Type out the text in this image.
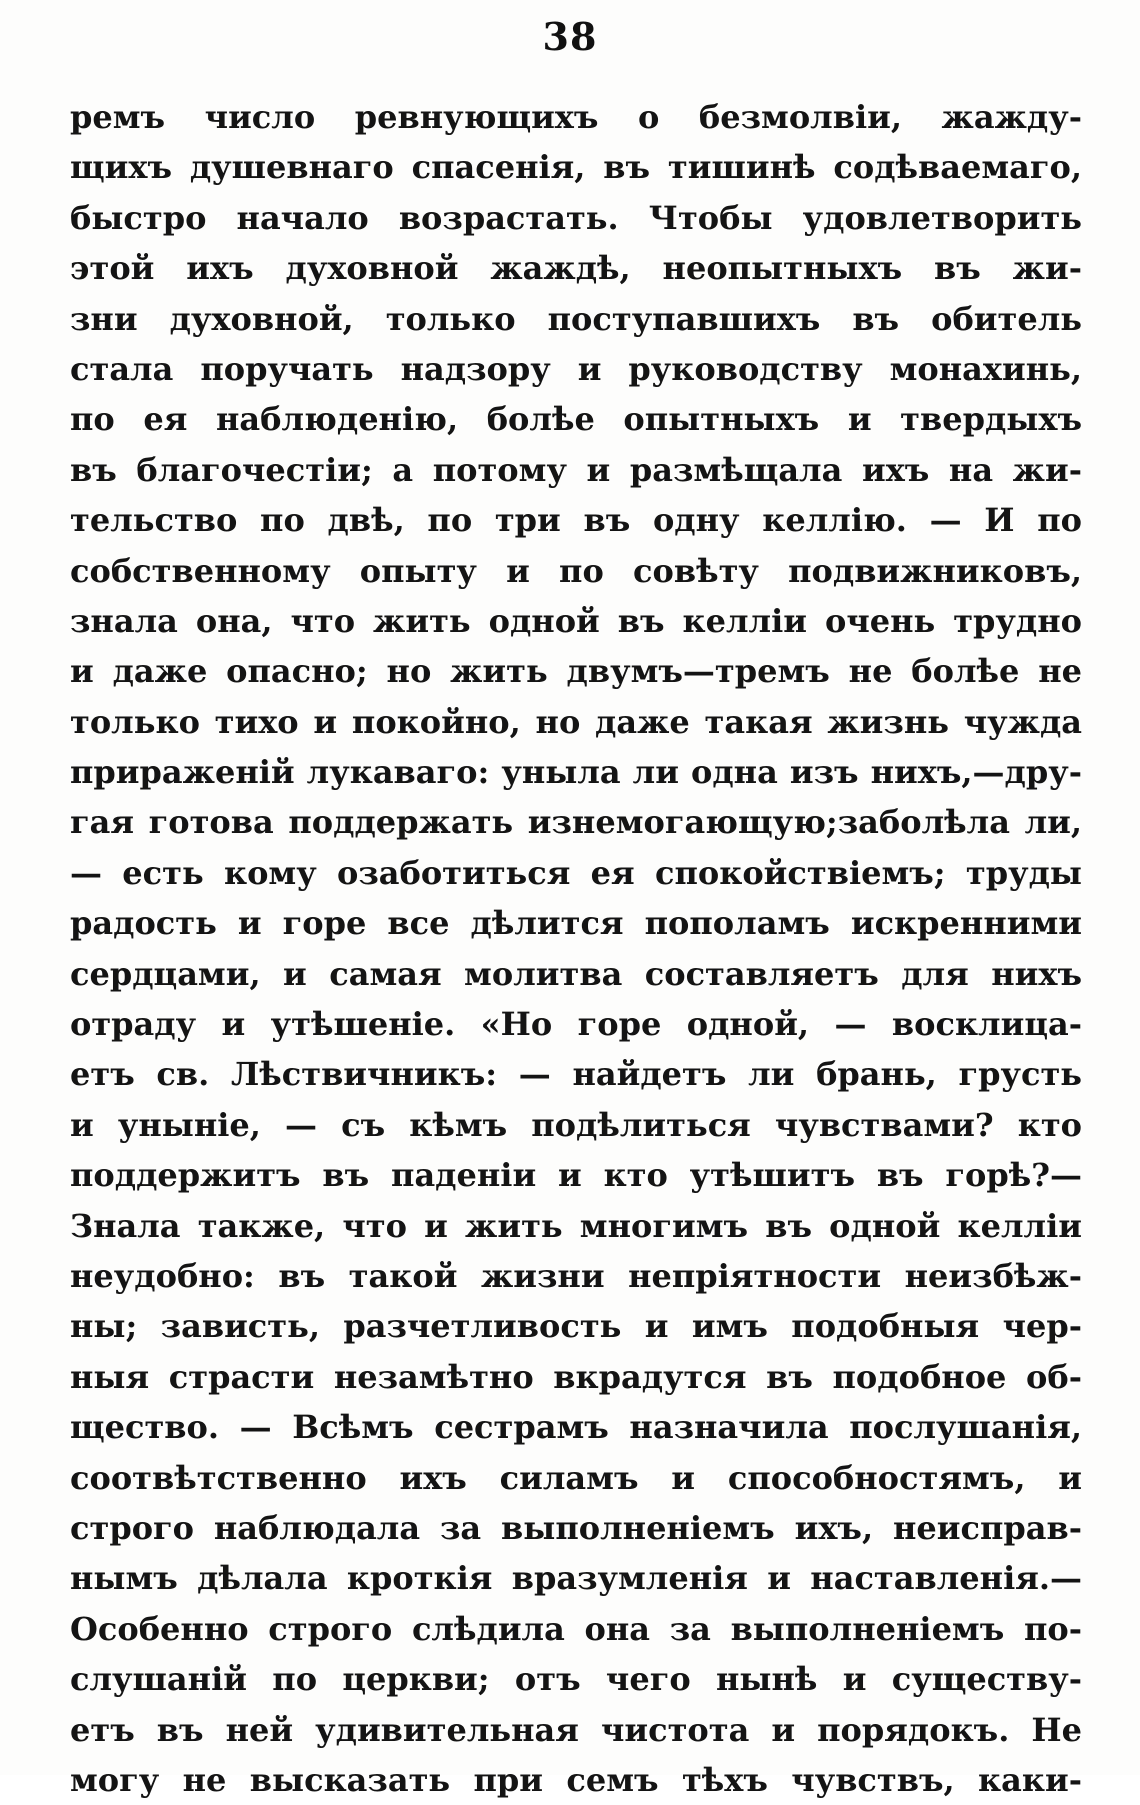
38
ремъ число ревнующихъ о безмолвіи, жажду-
щихъ душевнаго спасенія, въ тишинѣ содѣваемаго,
быстро начало возрастать. Чтобы удовлетворить
этой ихъ духовной жаждѣ, неопытныхъ въ жи-
зни духовной, только поступавшихъ въ обитель
стала поручать надзору и руководству монахинь,
по ея наблюденію, болѣе опытныхъ и твердыхъ
въ благочестіи; а потому и размѣщала ихъ на жи-
тельство по двѣ, по три въ одну келлію. — И по
собственному опыту и по совѣту подвижниковъ,
знала она, что жить одной въ келліи очень трудно
и даже опасно; но жить двумъ—тремъ не болѣе не
только тихо и покойно, но даже такая жизнь чужда
прираженій лукаваго: уныла ли одна изъ нихъ,—дру-
гая готова поддержать изнемогающую;заболѣла ли,
— есть кому озаботиться ея спокойствіемъ; труды
радость и горе все дѣлится пополамъ искренними
сердцами, и самая молитва составляетъ для нихъ
отраду и утѣшеніе. «Но горе одной, — восклица-
етъ св. Лѣствичникъ: — найдетъ ли брань, грусть
и уныніе, — съ кѣмъ подѣлиться чувствами? кто
поддержитъ въ паденіи и кто утѣшитъ въ горѣ?—
Знала также, что и жить многимъ въ одной келліи
неудобно: въ такой жизни непріятности неизбѣж-
ны; зависть, разчетливость и имъ подобныя чер-
ныя страсти незамѣтно вкрадутся въ подобное об-
щество. — Всѣмъ сестрамъ назначила послушанія,
соотвѣтственно ихъ силамъ и способностямъ, и
строго наблюдала за выполненіемъ ихъ, неисправ-
нымъ дѣлала кроткія вразумленія и наставленія.—
Особенно строго слѣдила она за выполненіемъ по-
слушаній по церкви; отъ чего нынѣ и существу-
етъ въ ней удивительная чистота и порядокъ. Не
могу не высказать при семъ тѣхъ чувствъ, каки-
